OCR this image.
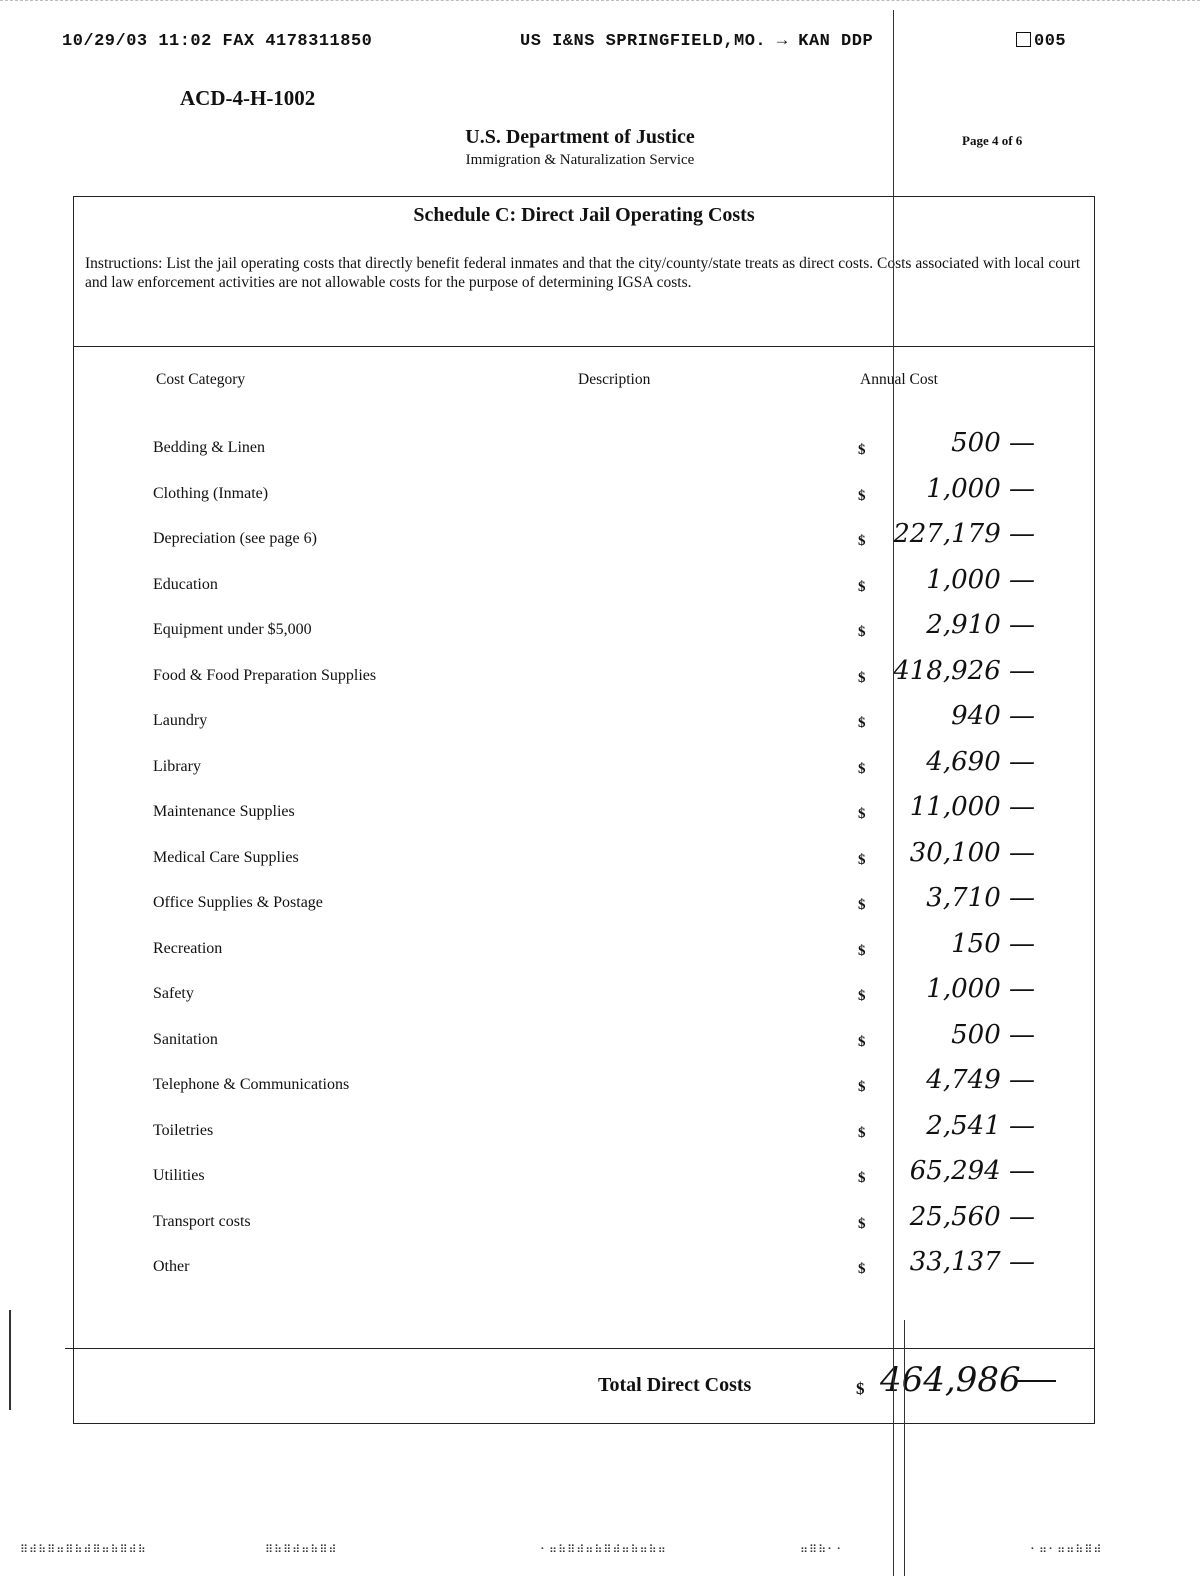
10/29/03 11:02 FAX 4178311850	US I&NS SPRINGFIELD,MO. → KAN DDP	005
ACD-4-H-1002
U.S. Department of Justice
Immigration & Naturalization Service
Page 4 of 6
Schedule C: Direct Jail Operating Costs
Instructions: List the jail operating costs that directly benefit federal inmates and that the city/county/state treats as direct costs. Costs associated with local court and law enforcement activities are not allowable costs for the purpose of determining IGSA costs.
Cost Category	Description	Annual Cost
Bedding & Linen	$	500 —
Clothing (Inmate)	$	1,000 —
Depreciation (see page 6)	$	227,179 —
Education	$	1,000 —
Equipment under $5,000	$	2,910 —
Food & Food Preparation Supplies	$	418,926 —
Laundry	$	940 —
Library	$	4,690 —
Maintenance Supplies	$	11,000 —
Medical Care Supplies	$	30,100 —
Office Supplies & Postage	$	3,710 —
Recreation	$	150 —
Safety	$	1,000 —
Sanitation	$	500 —
Telephone & Communications	$	4,749 —
Toiletries	$	2,541 —
Utilities	$	65,294 —
Transport costs	$	25,560 —
Other	$	33,137 —
Total Direct Costs	$ 464,986
⠿⠾⠷⠿⠶⠿⠷⠾⠿⠶⠷⠿⠾⠷	⠿⠷⠿⠾⠶⠷⠿⠾	⠂⠶⠷⠿⠾⠶⠷⠿⠾⠶⠷⠶⠷⠶	⠶⠿⠷⠂⠂	⠂⠶⠂⠶⠶⠷⠿⠾
